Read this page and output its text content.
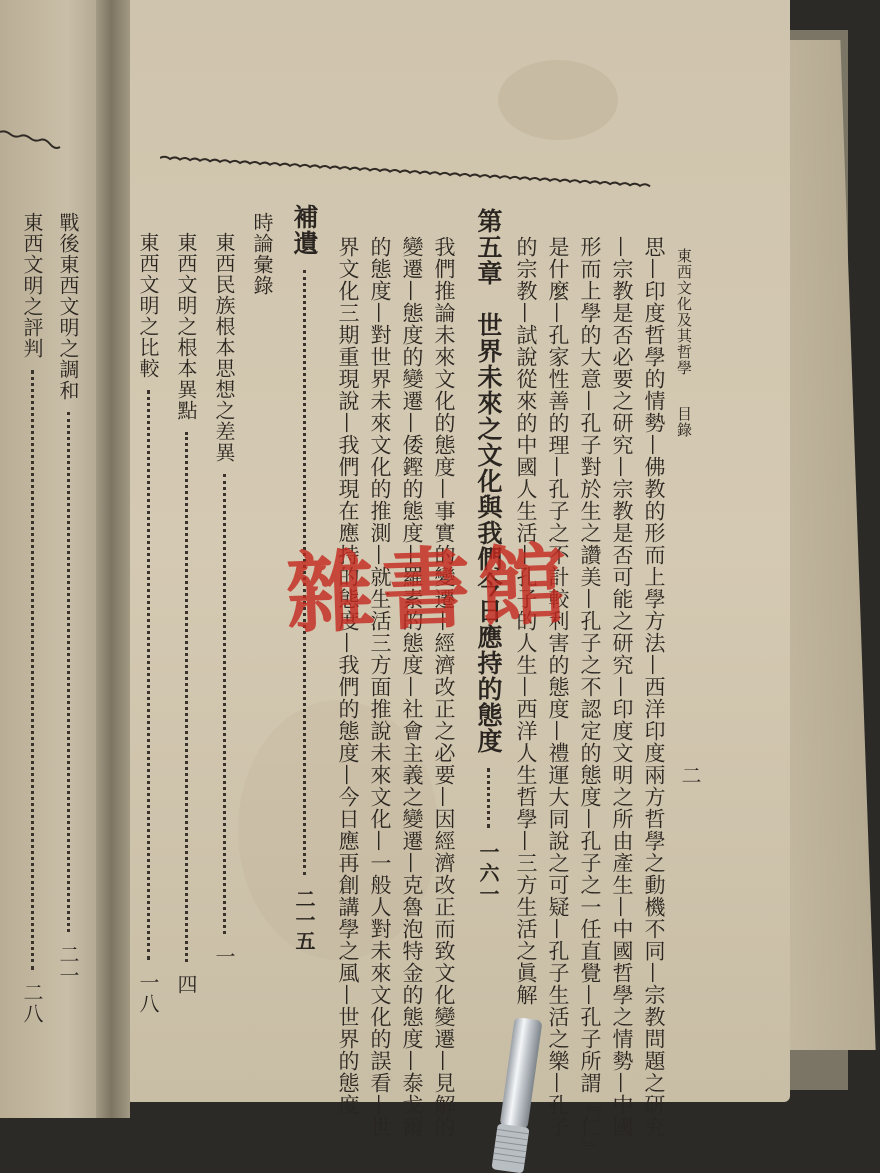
東西文化及其哲學目錄
二
思—印度哲學的情勢—佛教的形而上學方法—西洋印度兩方哲學之動機不同—宗教問題之研究
—宗教是否必要之研究—宗教是否可能之研究—印度文明之所由產生—中國哲學之情勢—中國
形而上學的大意—孔子對於生之讚美—孔子之不認定的態度—孔子之一任直覺—孔子所謂『仁』
是什麼—孔家性善的理—孔子之不計較利害的態度—禮運大同說之可疑—孔子生活之樂—孔子
的宗教—試說從來的中國人生活—孔子的人生—西洋人生哲學—三方生活之眞解
第五章　世界未來之文化與我們今日應持的態度  一六一
我們推論未來文化的態度—事實的變遷—經濟改正之必要—因經濟改正而致文化變遷—見解的
變遷—態度的變遷—倭鏗的態度—羅素的態度—社會主義之變遷—克魯泡特金的態度—泰戈爾
的態度—對世界未來文化的推測—就生活三方面推說未來文化—一般人對未來文化的誤看—世
界文化三期重現說—我們現在應持的態度—我們的態度—今日應再創講學之風—世界的態度
補遺  二一五
時論彙錄
東西民族根本思想之差異  一
東西文明之根本異點  四
東西文明之比較  一八
戰後東西文明之調和  二一
東西文明之評判  二八
雜書館
